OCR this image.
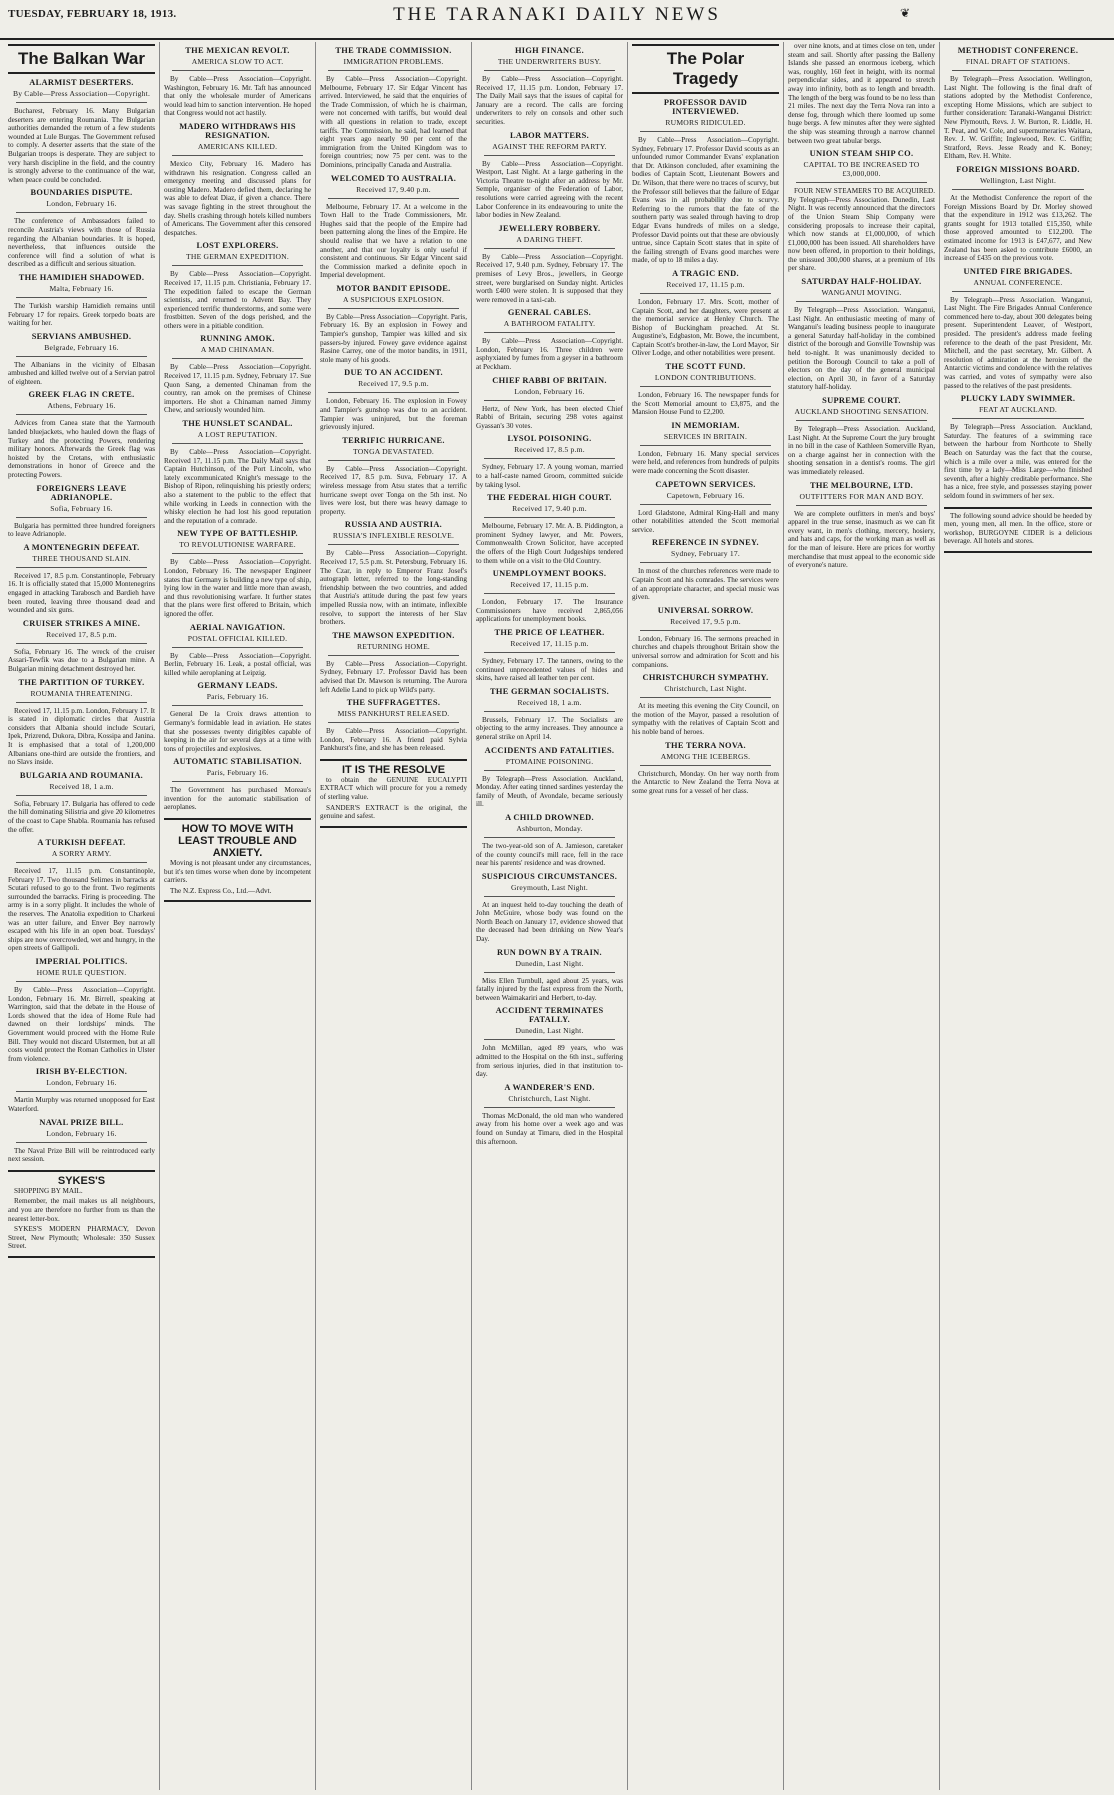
TUESDAY, FEBRUARY 18, 1913.	THE TARANAKI DAILY NEWS	❦
The Balkan War
ALARMIST DESERTERS.
By Cable—Press Association—Copyright.

Bucharest, February 16. Many Bulgarian deserters are entering Roumania. The Bulgarian authorities demanded the return of a few students wounded at Lule Burgas. The Government refused to comply. A deserter asserts that the state of the Bulgarian troops is desperate. They are subject to very harsh discipline in the field, and the country is strongly adverse to the continuance of the war, when peace could be concluded.

BOUNDARIES DISPUTE.
London, February 16.

The conference of Ambassadors failed to reconcile Austria's views with those of Russia regarding the Albanian boundaries. It is hoped, nevertheless, that influences outside the conference will find a solution of what is described as a difficult and serious situation.

THE HAMIDIEH SHADOWED.
Malta, February 16.

The Turkish warship Hamidieh remains until February 17 for repairs. Greek torpedo boats are waiting for her.

SERVIANS AMBUSHED.
Belgrade, February 16.

The Albanians in the vicinity of Elbasan ambushed and killed twelve out of a Servian patrol of eighteen.

GREEK FLAG IN CRETE.
Athens, February 16.

Advices from Canea state that the Yarmouth landed bluejackets, who hauled down the flags of Turkey and the protecting Powers, rendering military honors. Afterwards the Greek flag was hoisted by the Cretans, with enthusiastic demonstrations in honor of Greece and the protecting Powers.

FOREIGNERS LEAVE ADRIANOPLE.
Sofia, February 16.

Bulgaria has permitted three hundred foreigners to leave Adrianople.

A MONTENEGRIN DEFEAT.
THREE THOUSAND SLAIN.

Received 17, 8.5 p.m. Constantinople, February 16. It is officially stated that 15,000 Montenegrins engaged in attacking Tarabosch and Bardieh have been routed, leaving three thousand dead and wounded and six guns.

CRUISER STRIKES A MINE.
Received 17, 8.5 p.m.

Sofia, February 16. The wreck of the cruiser Assari-Tewfik was due to a Bulgarian mine. A Bulgarian mining detachment destroyed her.

THE PARTITION OF TURKEY.
ROUMANIA THREATENING.

Received 17, 11.15 p.m. London, February 17. It is stated in diplomatic circles that Austria considers that Albania should include Scutari, Ipek, Prizrend, Dukora, Dibra, Kossipa and Janina. It is emphasised that a total of 1,200,000 Albanians one-third are outside the frontiers, and no Slavs inside.

BULGARIA AND ROUMANIA.
Received 18, 1 a.m.

Sofia, February 17. Bulgaria has offered to cede the hill dominating Silistria and give 20 kilometres of the coast to Cape Shabla. Roumania has refused the offer.

A TURKISH DEFEAT.
A SORRY ARMY.

Received 17, 11.15 p.m. Constantinople, February 17. Two thousand Selimes in barracks at Scutari refused to go to the front. Two regiments surrounded the barracks. Firing is proceeding. The army is in a sorry plight. It includes the whole of the reserves. The Anatolia expedition to Charkeui was an utter failure, and Enver Bey narrowly escaped with his life in an open boat. Tuesdays' ships are now overcrowded, wet and hungry, in the open streets of Gallipoli.

IMPERIAL POLITICS.
HOME RULE QUESTION.

By Cable—Press Association—Copyright. London, February 16. Mr. Birrell, speaking at Warrington, said that the debate in the House of Lords showed that the idea of Home Rule had dawned on their lordships' minds. The Government would proceed with the Home Rule Bill. They would not discard Ulstermen, but at all costs would protect the Roman Catholics in Ulster from violence.

IRISH BY-ELECTION.
London, February 16.

Martin Murphy was returned unopposed for East Waterford.

NAVAL PRIZE BILL.
London, February 16.

The Naval Prize Bill will be reintroduced early next session.

SYKES'S

SHOPPING BY MAIL.

Remember, the mail makes us all neighbours, and you are therefore no further from us than the nearest letter-box.

SYKES'S MODERN PHARMACY, Devon Street, New Plymouth; Wholesale: 350 Sussex Street.

THE MEXICAN REVOLT.
AMERICA SLOW TO ACT.

By Cable—Press Association—Copyright. Washington, February 16. Mr. Taft has announced that only the wholesale murder of Americans would lead him to sanction intervention. He hoped that Congress would not act hastily.

MADERO WITHDRAWS HIS RESIGNATION.
AMERICANS KILLED.

Mexico City, February 16. Madero has withdrawn his resignation. Congress called an emergency meeting and discussed plans for ousting Madero. Madero defied them, declaring he was able to defeat Diaz, if given a chance. There was savage fighting in the street throughout the day. Shells crashing through hotels killed numbers of Americans. The Government after this censored despatches.

LOST EXPLORERS.
THE GERMAN EXPEDITION.

By Cable—Press Association—Copyright. Received 17, 11.15 p.m. Christiania, February 17. The expedition failed to escape the German scientists, and returned to Advent Bay. They experienced terrific thunderstorms, and some were frostbitten. Seven of the dogs perished, and the others were in a pitiable condition.

RUNNING AMOK.
A MAD CHINAMAN.

By Cable—Press Association—Copyright. Received 17, 11.15 p.m. Sydney, February 17. Sue Quon Sang, a demented Chinaman from the country, ran amok on the premises of Chinese importers. He shot a Chinaman named Jimmy Chew, and seriously wounded him.

THE HUNSLET SCANDAL.
A LOST REPUTATION.

By Cable—Press Association—Copyright. Received 17, 11.15 p.m. The Daily Mail says that Captain Hutchinson, of the Port Lincoln, who lately excommunicated Knight's message to the Bishop of Ripon, relinquishing his priestly orders; also a statement to the public to the effect that while working in Leeds in connection with the whisky election he had lost his good reputation and the reputation of a comrade.

NEW TYPE OF BATTLESHIP.
TO REVOLUTIONISE WARFARE.

By Cable—Press Association—Copyright. London, February 16. The newspaper Engineer states that Germany is building a new type of ship, lying low in the water and little more than awash, and thus revolutionising warfare. It further states that the plans were first offered to Britain, which ignored the offer.

AERIAL NAVIGATION.
POSTAL OFFICIAL KILLED.

By Cable—Press Association—Copyright. Berlin, February 16. Leak, a postal official, was killed while aeroplaning at Leipzig.

GERMANY LEADS.
Paris, February 16.

General De la Croix draws attention to Germany's formidable lead in aviation. He states that she possesses twenty dirigibles capable of keeping in the air for several days at a time with tons of projectiles and explosives.

AUTOMATIC STABILISATION.
Paris, February 16.

The Government has purchased Moreau's invention for the automatic stabilisation of aeroplanes.

HOW TO MOVE WITH LEAST TROUBLE AND ANXIETY.

Moving is not pleasant under any circumstances, but it's ten times worse when done by incompetent carriers.

The N.Z. Express Co., Ltd.—Advt.

THE TRADE COMMISSION.
IMMIGRATION PROBLEMS.

By Cable—Press Association—Copyright. Melbourne, February 17. Sir Edgar Vincent has arrived. Interviewed, he said that the enquiries of the Trade Commission, of which he is chairman, were not concerned with tariffs, but would deal with all questions in relation to trade, except tariffs. The Commission, he said, had learned that eight years ago nearly 90 per cent of the immigration from the United Kingdom was to foreign countries; now 75 per cent. was to the Dominions, principally Canada and Australia.

WELCOMED TO AUSTRALIA.
Received 17, 9.40 p.m.

Melbourne, February 17. At a welcome in the Town Hall to the Trade Commissioners, Mr. Hughes said that the people of the Empire had been patterning along the lines of the Empire. He should realise that we have a relation to one another, and that our loyalty is only useful if consistent and continuous. Sir Edgar Vincent said the Commission marked a definite epoch in Imperial development.

MOTOR BANDIT EPISODE.
A SUSPICIOUS EXPLOSION.

By Cable—Press Association—Copyright. Paris, February 16. By an explosion in Fowey and Tampier's gunshop, Tampier was killed and six passers-by injured. Fowey gave evidence against Rasine Carrey, one of the motor bandits, in 1911, stole many of his goods.

DUE TO AN ACCIDENT.
Received 17, 9.5 p.m.

London, February 16. The explosion in Fowey and Tampier's gunshop was due to an accident. Tampier was uninjured, but the foreman grievously injured.

TERRIFIC HURRICANE.
TONGA DEVASTATED.

By Cable—Press Association—Copyright. Received 17, 8.5 p.m. Suva, February 17. A wireless message from Atsu states that a terrific hurricane swept over Tonga on the 5th inst. No lives were lost, but there was heavy damage to property.

RUSSIA AND AUSTRIA.
RUSSIA'S INFLEXIBLE RESOLVE.

By Cable—Press Association—Copyright. Received 17, 5.5 p.m. St. Petersburg, February 16. The Czar, in reply to Emperor Franz Josef's autograph letter, referred to the long-standing friendship between the two countries, and added that Austria's attitude during the past few years impelled Russia now, with an intimate, inflexible resolve, to support the interests of her Slav brothers.

THE MAWSON EXPEDITION.
RETURNING HOME.

By Cable—Press Association—Copyright. Sydney, February 17. Professor David has been advised that Dr. Mawson is returning. The Aurora left Adelie Land to pick up Wild's party.

THE SUFFRAGETTES.
MISS PANKHURST RELEASED.

By Cable—Press Association—Copyright. London, February 16. A friend paid Sylvia Pankhurst's fine, and she has been released.

IT IS THE RESOLVE

to obtain the GENUINE EUCALYPTI EXTRACT which will procure for you a remedy of sterling value.

SANDER'S EXTRACT is the original, the genuine and safest.

HIGH FINANCE.
THE UNDERWRITERS BUSY.

By Cable—Press Association—Copyright. Received 17, 11.15 p.m. London, February 17. The Daily Mail says that the issues of capital for January are a record. The calls are forcing underwriters to rely on consols and other such securities.

LABOR MATTERS.
AGAINST THE REFORM PARTY.

By Cable—Press Association—Copyright. Westport, Last Night. At a large gathering in the Victoria Theatre to-night after an address by Mr. Semple, organiser of the Federation of Labor, resolutions were carried agreeing with the recent Labor Conference in its endeavouring to unite the labor bodies in New Zealand.

JEWELLERY ROBBERY.
A DARING THEFT.

By Cable—Press Association—Copyright. Received 17, 9.40 p.m. Sydney, February 17. The premises of Levy Bros., jewellers, in George street, were burglarised on Sunday night. Articles worth £400 were stolen. It is supposed that they were removed in a taxi-cab.

GENERAL CABLES.
A BATHROOM FATALITY.

By Cable—Press Association—Copyright. London, February 16. Three children were asphyxiated by fumes from a geyser in a bathroom at Peckham.

CHIEF RABBI OF BRITAIN.
London, February 16.

Hertz, of New York, has been elected Chief Rabbi of Britain, securing 298 votes against Gyassan's 30 votes.

LYSOL POISONING.
Received 17, 8.5 p.m.

Sydney, February 17. A young woman, married to a half-caste named Groom, committed suicide by taking lysol.

THE FEDERAL HIGH COURT.
Received 17, 9.40 p.m.

Melbourne, February 17. Mr. A. B. Piddington, a prominent Sydney lawyer, and Mr. Powers, Commonwealth Crown Solicitor, have accepted the offers of the High Court Judgeships tendered to them while on a visit to the Old Country.

UNEMPLOYMENT BOOKS.
Received 17, 11.15 p.m.

London, February 17. The Insurance Commissioners have received 2,865,056 applications for unemployment books.

THE PRICE OF LEATHER.
Received 17, 11.15 p.m.

Sydney, February 17. The tanners, owing to the continued unprecedented values of hides and skins, have raised all leather ten per cent.

THE GERMAN SOCIALISTS.
Received 18, 1 a.m.

Brussels, February 17. The Socialists are objecting to the army increases. They announce a general strike on April 14.

ACCIDENTS AND FATALITIES.
PTOMAINE POISONING.

By Telegraph—Press Association. Auckland, Monday. After eating tinned sardines yesterday the family of Meuth, of Avondale, became seriously ill.

A CHILD DROWNED.
Ashburton, Monday.

The two-year-old son of A. Jamieson, caretaker of the county council's mill race, fell in the race near his parents' residence and was drowned.

SUSPICIOUS CIRCUMSTANCES.
Greymouth, Last Night.

At an inquest held to-day touching the death of John McGuire, whose body was found on the North Beach on January 17, evidence showed that the deceased had been drinking on New Year's Day.

RUN DOWN BY A TRAIN.
Dunedin, Last Night.

Miss Ellen Turnbull, aged about 25 years, was fatally injured by the fast express from the North, between Waimakariri and Herbert, to-day.

ACCIDENT TERMINATES FATALLY.
Dunedin, Last Night.

John McMillan, aged 89 years, who was admitted to the Hospital on the 6th inst., suffering from serious injuries, died in that institution to-day.

A WANDERER'S END.
Christchurch, Last Night.

Thomas McDonald, the old man who wandered away from his home over a week ago and was found on Sunday at Timaru, died in the Hospital this afternoon.

The Polar Tragedy
PROFESSOR DAVID INTERVIEWED.
RUMORS RIDICULED.

By Cable—Press Association—Copyright. Sydney, February 17. Professor David scouts as an unfounded rumor Commander Evans' explanation that Dr. Atkinson concluded, after examining the bodies of Captain Scott, Lieutenant Bowers and Dr. Wilson, that there were no traces of scurvy, but the Professor still believes that the failure of Edgar Evans was in all probability due to scurvy. Referring to the rumors that the fate of the southern party was sealed through having to drop Edgar Evans hundreds of miles on a sledge, Professor David points out that these are obviously untrue, since Captain Scott states that in spite of the failing strength of Evans good marches were made, of up to 18 miles a day.

A TRAGIC END.
Received 17, 11.15 p.m.

London, February 17. Mrs. Scott, mother of Captain Scott, and her daughters, were present at the memorial service at Henley Church. The Bishop of Buckingham preached. At St. Augustine's, Edgbaston, Mr. Bowe, the incumbent, Captain Scott's brother-in-law, the Lord Mayor, Sir Oliver Lodge, and other notabilities were present.

THE SCOTT FUND.
LONDON CONTRIBUTIONS.

London, February 16. The newspaper funds for the Scott Memorial amount to £3,875, and the Mansion House Fund to £2,200.

IN MEMORIAM.
SERVICES IN BRITAIN.

London, February 16. Many special services were held, and references from hundreds of pulpits were made concerning the Scott disaster.

CAPETOWN SERVICES.
Capetown, February 16.

Lord Gladstone, Admiral King-Hall and many other notabilities attended the Scott memorial service.

REFERENCE IN SYDNEY.
Sydney, February 17.

In most of the churches references were made to Captain Scott and his comrades. The services were of an appropriate character, and special music was given.

UNIVERSAL SORROW.
Received 17, 9.5 p.m.

London, February 16. The sermons preached in churches and chapels throughout Britain show the universal sorrow and admiration for Scott and his companions.

CHRISTCHURCH SYMPATHY.
Christchurch, Last Night.

At its meeting this evening the City Council, on the motion of the Mayor, passed a resolution of sympathy with the relatives of Captain Scott and his noble band of heroes.

THE TERRA NOVA.
AMONG THE ICEBERGS.

Christchurch, Monday. On her way north from the Antarctic to New Zealand the Terra Nova at some great runs for a vessel of her class.

over nine knots, and at times close on ten, under steam and sail. Shortly after passing the Balleny Islands she passed an enormous iceberg, which was, roughly, 160 feet in height, with its normal perpendicular sides, and it appeared to stretch away into infinity, both as to length and breadth. The length of the berg was found to be no less than 21 miles. The next day the Terra Nova ran into a dense fog, through which there loomed up some huge bergs. A few minutes after they were sighted the ship was steaming through a narrow channel between two great tabular bergs.

UNION STEAM SHIP CO.
CAPITAL TO BE INCREASED TO £3,000,000.

FOUR NEW STEAMERS TO BE ACQUIRED. By Telegraph—Press Association. Dunedin, Last Night. It was recently announced that the directors of the Union Steam Ship Company were considering proposals to increase their capital, which now stands at £1,000,000, of which £1,000,000 has been issued. All shareholders have now been offered, in proportion to their holdings, the unissued 300,000 shares, at a premium of 10s per share.

SATURDAY HALF-HOLIDAY.
WANGANUI MOVING.

By Telegraph—Press Association. Wanganui, Last Night. An enthusiastic meeting of many of Wanganui's leading business people to inaugurate a general Saturday half-holiday in the combined district of the borough and Gonville Township was held to-night. It was unanimously decided to petition the Borough Council to take a poll of electors on the day of the general municipal election, on April 30, in favor of a Saturday statutory half-holiday.

SUPREME COURT.
AUCKLAND SHOOTING SENSATION.

By Telegraph—Press Association. Auckland, Last Night. At the Supreme Court the jury brought in no bill in the case of Kathleen Somerville Ryan, on a charge against her in connection with the shooting sensation in a dentist's rooms. The girl was immediately released.

THE MELBOURNE, LTD.
OUTFITTERS FOR MAN AND BOY.

We are complete outfitters in men's and boys' apparel in the true sense, inasmuch as we can fit every want, in men's clothing, mercery, hosiery, and hats and caps, for the working man as well as for the man of leisure. Here are prices for worthy merchandise that must appeal to the economic side of everyone's nature.

METHODIST CONFERENCE.
FINAL DRAFT OF STATIONS.

By Telegraph—Press Association. Wellington, Last Night. The following is the final draft of stations adopted by the Methodist Conference, excepting Home Missions, which are subject to further consideration: Taranaki-Wanganui District: New Plymouth, Revs. J. W. Burton, R. Liddle, H. T. Peat, and W. Cole, and supernumeraries Waitara, Rev. J. W. Griffin; Inglewood, Rev. C. Griffin; Stratford, Revs. Jesse Ready and K. Boney; Eltham, Rev. H. White.

FOREIGN MISSIONS BOARD.
Wellington, Last Night.

At the Methodist Conference the report of the Foreign Missions Board by Dr. Morley showed that the expenditure in 1912 was £13,262. The grants sought for 1913 totalled £15,350, while those approved amounted to £12,200. The estimated income for 1913 is £47,677, and New Zealand has been asked to contribute £6000, an increase of £435 on the previous vote.

UNITED FIRE BRIGADES.
ANNUAL CONFERENCE.

By Telegraph—Press Association. Wanganui, Last Night. The Fire Brigades Annual Conference commenced here to-day, about 300 delegates being present. Superintendent Leaver, of Westport, presided. The president's address made feeling reference to the death of the past President, Mr. Mitchell, and the past secretary, Mr. Gilbert. A resolution of admiration at the heroism of the Antarctic victims and condolence with the relatives was carried, and votes of sympathy were also passed to the relatives of the past presidents.

PLUCKY LADY SWIMMER.
FEAT AT AUCKLAND.

By Telegraph—Press Association. Auckland, Saturday. The features of a swimming race between the harbour from Northcote to Shelly Beach on Saturday was the fact that the course, which is a mile over a mile, was entered for the first time by a lady—Miss Large—who finished seventh, after a highly creditable performance. She has a nice, free style, and possesses staying power seldom found in swimmers of her sex.

The following sound advice should be heeded by men, young men, all men. In the office, store or workshop, BURGOYNE CIDER is a delicious beverage. All hotels and stores.
